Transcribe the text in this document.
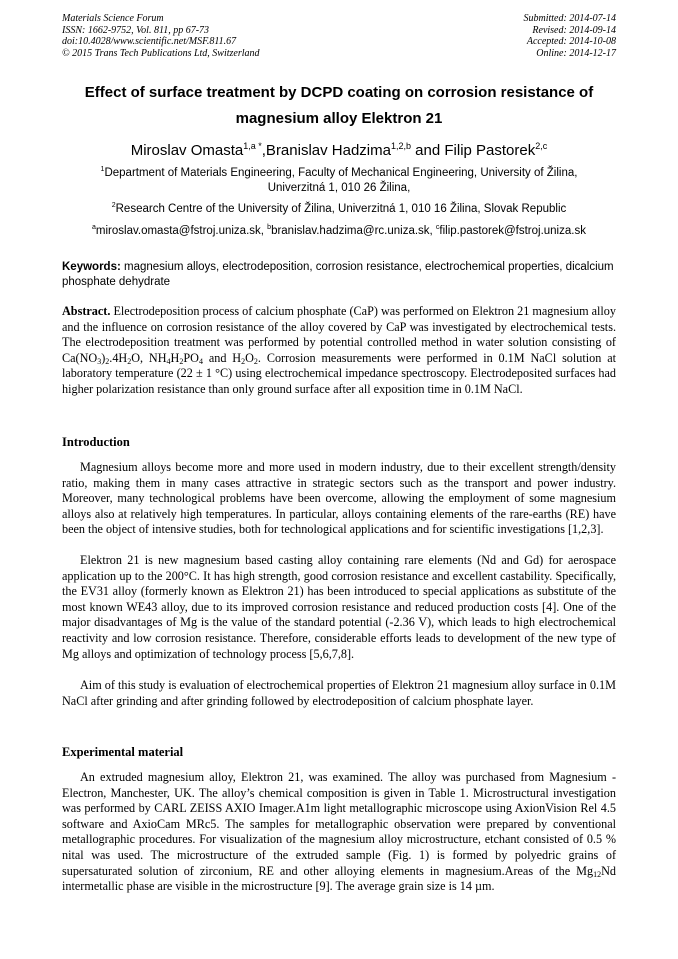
Materials Science Forum
ISSN: 1662-9752, Vol. 811, pp 67-73
doi:10.4028/www.scientific.net/MSF.811.67
© 2015 Trans Tech Publications Ltd, Switzerland
Submitted: 2014-07-14
Revised: 2014-09-14
Accepted: 2014-10-08
Online: 2014-12-17
Effect of surface treatment by DCPD coating on corrosion resistance of
magnesium alloy Elektron 21
Miroslav Omasta$^{1,a *}$,Branislav Hadzima$^{1,2,b}$ and Filip Pastorek$^{2,c}$
$^1$Department of Materials Engineering, Faculty of Mechanical Engineering, University of Žilina,
Univerzitná 1, 010 26 Žilina,
$^2$Research Centre of the University of Žilina, Univerzitná 1, 010 16 Žilina, Slovak Republic
$^a$miroslav.omasta@fstroj.uniza.sk, $^b$branislav.hadzima@rc.uniza.sk, $^c$filip.pastorek@fstroj.uniza.sk
Keywords: magnesium alloys, electrodeposition, corrosion resistance, electrochemical properties, dicalcium phosphate dehydrate
Abstract. Electrodeposition process of calcium phosphate (CaP) was performed on Elektron 21 magnesium alloy and the influence on corrosion resistance of the alloy covered by CaP was investigated by electrochemical tests. The electrodeposition treatment was performed by potential controlled method in water solution consisting of $Ca(NO_3)_2.4H_2O$, $NH_4H_2PO_4$ and $H_2O_2$. Corrosion measurements were performed in 0.1M NaCl solution at laboratory temperature (22 ± 1 °C) using electrochemical impedance spectroscopy. Electrodeposited surfaces had higher polarization resistance than only ground surface after all exposition time in 0.1M NaCl.
Introduction
Magnesium alloys become more and more used in modern industry, due to their excellent strength/density ratio, making them in many cases attractive in strategic sectors such as the transport and power industry. Moreover, many technological problems have been overcome, allowing the employment of some magnesium alloys also at relatively high temperatures. In particular, alloys containing elements of the rare-earths (RE) have been the object of intensive studies, both for technological applications and for scientific investigations [1,2,3].
Elektron 21 is new magnesium based casting alloy containing rare elements (Nd and Gd) for aerospace application up to the 200°C. It has high strength, good corrosion resistance and excellent castability. Specifically, the EV31 alloy (formerly known as Elektron 21) has been introduced to special applications as substitute of the most known WE43 alloy, due to its improved corrosion resistance and reduced production costs [4]. One of the major disadvantages of Mg is the value of the standard potential (-2.36 V), which leads to high electrochemical reactivity and low corrosion resistance. Therefore, considerable efforts leads to development of the new type of Mg alloys and optimization of technology process [5,6,7,8].
Aim of this study is evaluation of electrochemical properties of Elektron 21 magnesium alloy surface in 0.1M NaCl after grinding and after grinding followed by electrodeposition of calcium phosphate layer.
Experimental material
An extruded magnesium alloy, Elektron 21, was examined. The alloy was purchased from Magnesium - Electron, Manchester, UK. The alloy’s chemical composition is given in Table 1. Microstructural investigation was performed by CARL ZEISS AXIO Imager.A1m light metallographic microscope using AxionVision Rel 4.5 software and AxioCam MRc5. The samples for metallographic observation were prepared by conventional metallographic procedures. For visualization of the magnesium alloy microstructure, etchant consisted of 0.5 % nital was used. The microstructure of the extruded sample (Fig. 1) is formed by polyedric grains of supersaturated solution of zirconium, RE and other alloying elements in magnesium.Areas of the $Mg_{12}Nd$ intermetallic phase are visible in the microstructure [9]. The average grain size is 14 µm.
